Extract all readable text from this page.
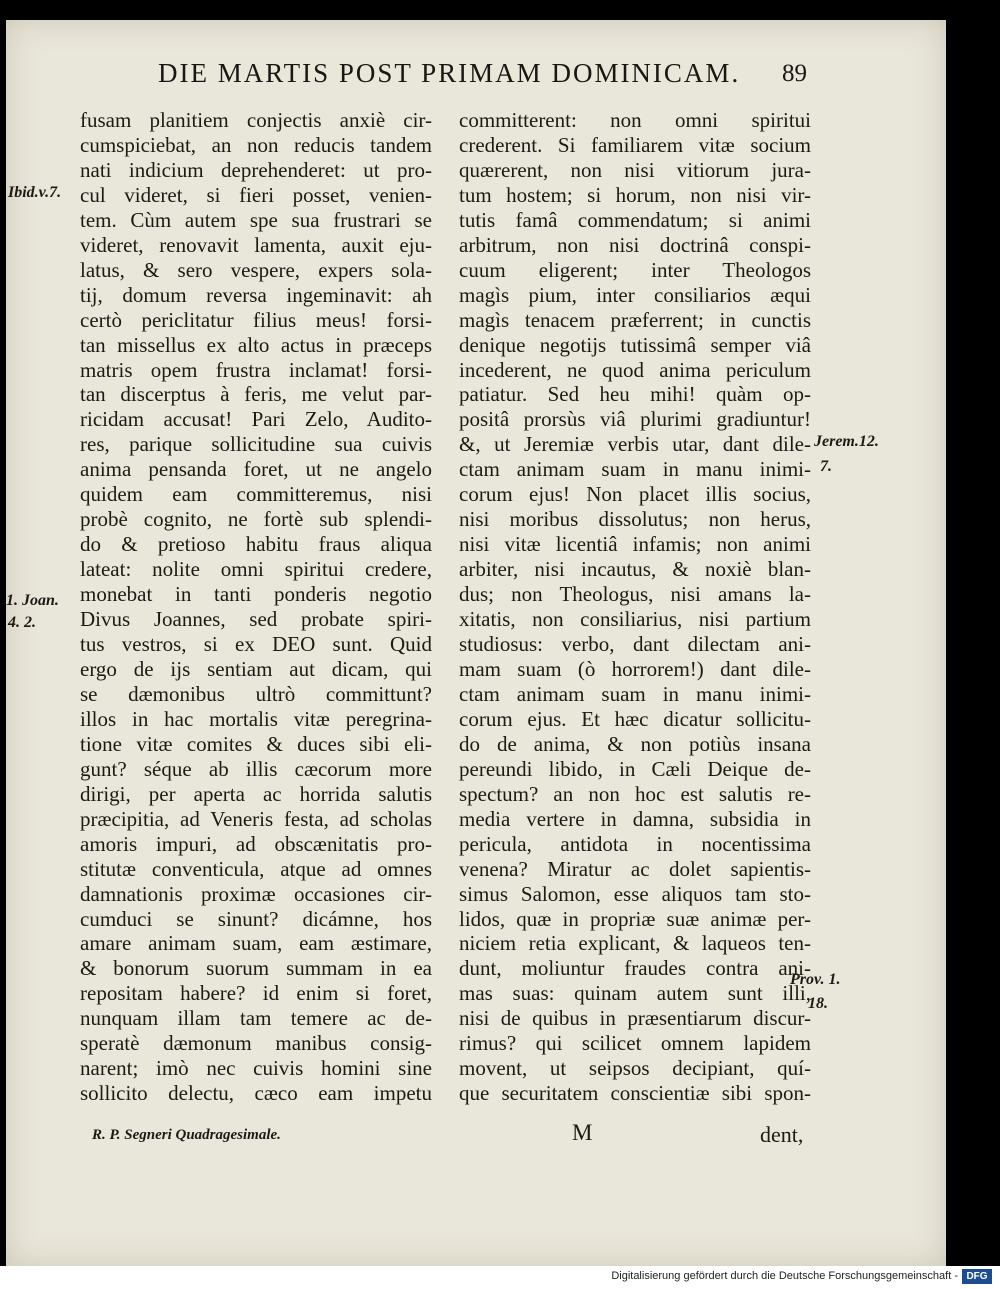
DIE MARTIS POST PRIMAM DOMINICAM.	89
fusam planitiem conjectis anxiè cir-
cumspiciebat, an non reducis tandem
nati indicium deprehenderet: ut pro-
cul videret, si fieri posset, venien-
tem. Cùm autem spe sua frustrari se
videret, renovavit lamenta, auxit eju-
latus, & sero vespere, expers sola-
tij, domum reversa ingeminavit: ah
certò periclitatur filius meus! forsi-
tan missellus ex alto actus in præceps
matris opem frustra inclamat! forsi-
tan discerptus à feris, me velut par-
ricidam accusat! Pari Zelo, Audito-
res, parique sollicitudine sua cuivis
anima pensanda foret, ut ne angelo
quidem eam committeremus, nisi
probè cognito, ne fortè sub splendi-
do & pretioso habitu fraus aliqua
lateat: nolite omni spiritui credere,
monebat in tanti ponderis negotio
Divus Joannes, sed probate spiri-
tus vestros, si ex DEO sunt. Quid
ergo de ijs sentiam aut dicam, qui
se dæmonibus ultrò committunt?
illos in hac mortalis vitæ peregrina-
tione vitæ comites & duces sibi eli-
gunt? séque ab illis cæcorum more
dirigi, per aperta ac horrida salutis
præcipitia, ad Veneris festa, ad scholas
amoris impuri, ad obscænitatis pro-
stitutæ conventicula, atque ad omnes
damnationis proximæ occasiones cir-
cumduci se sinunt? dicámne, hos
amare animam suam, eam æstimare,
& bonorum suorum summam in ea
repositam habere? id enim si foret,
nunquam illam tam temere ac de-
speratè dæmonum manibus consig-
narent; imò nec cuivis homini sine
sollicito delectu, cæco eam impetu
committerent: non omni spiritui
crederent. Si familiarem vitæ socium
quærerent, non nisi vitiorum jura-
tum hostem; si horum, non nisi vir-
tutis famâ commendatum; si animi
arbitrum, non nisi doctrinâ conspi-
cuum eligerent; inter Theologos
magìs pium, inter consiliarios æqui
magìs tenacem præferrent; in cunctis
denique negotijs tutissimâ semper viâ
incederent, ne quod anima periculum
patiatur. Sed heu mihi! quàm op-
positâ prorsùs viâ plurimi gradiuntur!
&, ut Jeremiæ verbis utar, dant dile-
ctam animam suam in manu inimi-
corum ejus! Non placet illis socius,
nisi moribus dissolutus; non herus,
nisi vitæ licentiâ infamis; non animi
arbiter, nisi incautus, & noxiè blan-
dus; non Theologus, nisi amans la-
xitatis, non consiliarius, nisi partium
studiosus: verbo, dant dilectam ani-
mam suam (ò horrorem!) dant dile-
ctam animam suam in manu inimi-
corum ejus. Et hæc dicatur sollicitu-
do de anima, & non potiùs insana
pereundi libido, in Cæli Deique de-
spectum? an non hoc est salutis re-
media vertere in damna, subsidia in
pericula, antidota in nocentissima
venena? Miratur ac dolet sapientis-
simus Salomon, esse aliquos tam sto-
lidos, quæ in propriæ suæ animæ per-
niciem retia explicant, & laqueos ten-
dunt, moliuntur fraudes contra ani-
mas suas: quinam autem sunt illi,
nisi de quibus in præsentiarum discur-
rimus? qui scilicet omnem lapidem
movent, ut seipsos decipiant, quí-
que securitatem conscientiæ sibi spon-
Ibid.v.7.
1. Joan.
4. 2.
Jerem.12.
7.
Prov. 1.
18.
R. P. Segneri Quadragesimale.	M	dent,
Digitalisierung gefördert durch die Deutsche Forschungsgemeinschaft - DFG
